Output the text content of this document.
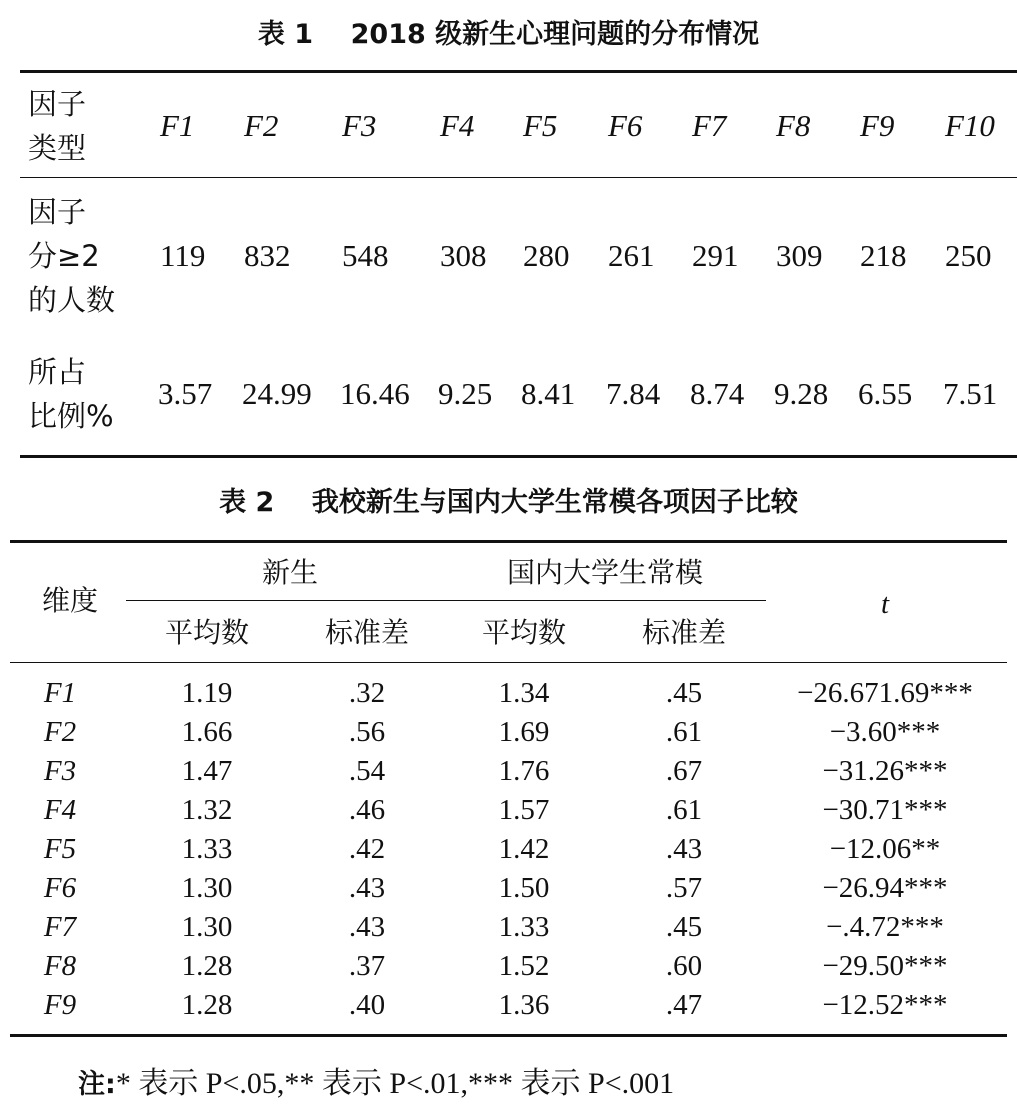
表 1 2018 级新生心理问题的分布情况
因子
类型
F1 F2 F3 F4 F5 F6 F7 F8 F9 F10
因子
分≥2
的人数
119 832 548 308 280 261 291 309 218 250
所占
比例%
3.57 24.99 16.46 9.25 8.41 7.84 8.74 9.28 6.55 7.51
表 2 我校新生与国内大学生常模各项因子比较
维度
新生	国内大学生常模
平均数	标准差	平均数	标准差
t
F1	1.19	.32	1.34	.45	−26.671.69***
F2	1.66	.56	1.69	.61	−3.60***
F3	1.47	.54	1.76	.67	−31.26***
F4	1.32	.46	1.57	.61	−30.71***
F5	1.33	.42	1.42	.43	−12.06**
F6	1.30	.43	1.50	.57	−26.94***
F7	1.30	.43	1.33	.45	−.4.72***
F8	1.28	.37	1.52	.60	−29.50***
F9	1.28	.40	1.36	.47	−12.52***
注:* 表示 P<.05,** 表示 P<.01,*** 表示 P<.001
